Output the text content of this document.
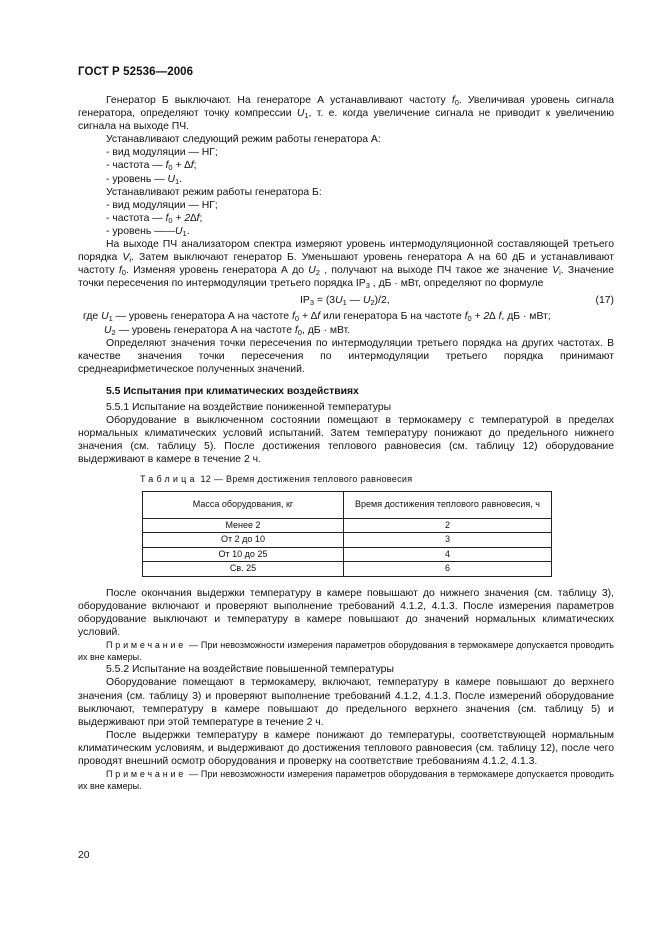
ГОСТ Р 52536—2006

Генератор Б выключают. На генераторе А устанавливают частоту $f_0$. Увеличивая уровень сигнала генератора, определяют точку компрессии $U_1$, т. е. когда увеличение сигнала не приводит к увеличению сигнала на выходе ПЧ.

Устанавливают следующий режим работы генератора А:

- вид модуляции — НГ;

- частота — $f_0 + \Delta f$;

- уровень — $U_1$.

Устанавливают режим работы генератора Б:

- вид модуляции — НГ;

- частота — $f_0 + 2\Delta f$;

- уровень $——U_1$.

На выходе ПЧ анализатором спектра измеряют уровень интермодуляционной составляющей третьего порядка $V_i$. Затем выключают генератор Б. Уменьшают уровень генератора А на 60 дБ и устанавливают частоту $f_0$. Изменяя уровень генератора А до $U_2$ , получают на выходе ПЧ такое же значение $V_i$. Значение точки пересечения по интермодуляции третьего порядка $IP_3$ , дБ · мВт, определяют по формуле

$IP_3 = (3U_1$ — $U_2)/2$,	(17)
где $U_1$ — уровень генератора А на частоте $f_0 + \Delta f$ или генератора Б на частоте $f_0 + 2\Delta$ f, дБ · мВт;
$U_2$ — уровень генератора А на частоте $f_0$, дБ · мВт.

Определяют значения точки пересечения по интермодуляции третьего порядка на других частотах. В качестве значения точки пересечения по интермодуляции третьего порядка принимают среднеарифметическое полученных значений.

5.5 Испытания при климатических воздействиях

5.5.1 Испытание на воздействие пониженной температуры

Оборудование в выключенном состоянии помещают в термокамеру с температурой в пределах нормальных климатических условий испытаний. Затем температуру понижают до предельного нижнего значения (см. таблицу 5). После достижения теплового равновесия (см. таблицу 12) оборудование выдерживают в камере в течение 2 ч.

Таблица 12 — Время достижения теплового равновесия
Масса оборудования, кг	Время достижения теплового равновесия, ч
Менее 2	2
От 2 до 10	3
От 10 до 25	4
Св. 25	6

После окончания выдержки температуру в камере повышают до нижнего значения (см. таблицу 3), оборудование включают и проверяют выполнение требований 4.1.2, 4.1.3. После измерения параметров оборудование выключают и температуру в камере повышают до значений нормальных климатических условий.

Примечание — При невозможности измерения параметров оборудования в термокамере допускается проводить их вне камеры.

5.5.2 Испытание на воздействие повышенной температуры

Оборудование помещают в термокамеру, включают, температуру в камере повышают до верхнего значения (см. таблицу 3) и проверяют выполнение требований 4.1.2, 4.1.3. После измерений оборудование выключают, температуру в камере повышают до предельного верхнего значения (см. таблицу 5) и выдерживают при этой температуре в течение 2 ч.

После выдержки температуру в камере понижают до температуры, соответствующей нормальным климатическим условиям, и выдерживают до достижения теплового равновесия (см. таблицу 12), после чего проводят внешний осмотр оборудования и проверку на соответствие требованиям 4.1.2, 4.1.3.

Примечание — При невозможности измерения параметров оборудования в термокамере допускается проводить их вне камеры.

20
